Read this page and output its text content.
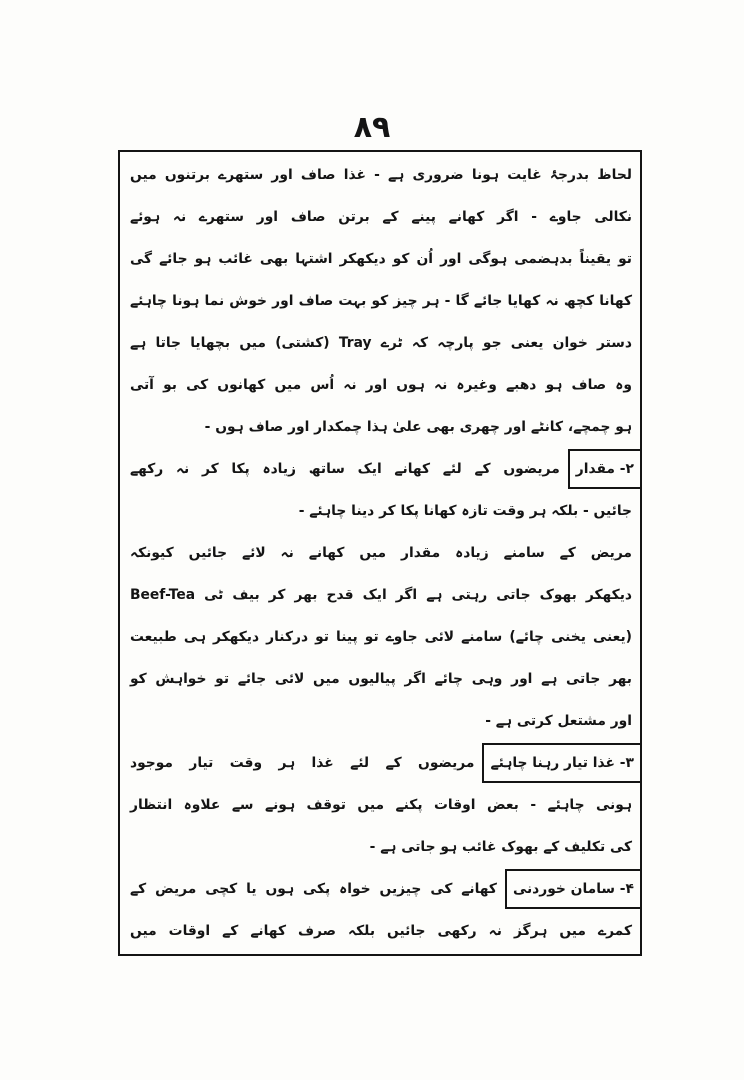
۸۹
لحاظ بدرجۂ غایت ہونا ضروری ہے - غذا صاف اور ستھرے برتنوں میں
نکالی جاوے - اگر کھانے پینے کے برتن صاف اور ستھرے نہ ہوئے
تو یقیناً بدہضمی ہوگی اور اُن کو دیکھکر اشتہا بھی غائب ہو جائے گی
کھانا کچھ نہ کھایا جائے گا - ہر چیز کو بہت صاف اور خوش نما ہونا چاہئے
دستر خوان یعنی جو پارچہ کہ ٹرے Tray (کشتی) میں بچھایا جاتا ہے
وہ صاف ہو دھبے وغیرہ نہ ہوں اور نہ اُس میں کھانوں کی بو آتی
ہو چمچے، کانٹے اور چھری بھی علیٰ ہذا چمکدار اور صاف ہوں -
۲- مقدارمریضوں کے لئے کھانے ایک ساتھ زیادہ پکا کر نہ رکھے
جائیں - بلکہ ہر وقت تازہ کھانا پکا کر دینا چاہئے -
مریض کے سامنے زیادہ مقدار میں کھانے نہ لائے جائیں کیونکہ
دیکھکر بھوک جاتی رہتی ہے اگر ایک قدح بھر کر بیف ٹی Beef-Tea
(یعنی یخنی چائے) سامنے لائی جاوے تو پینا تو درکنار دیکھکر ہی طبیعت
بھر جاتی ہے اور وہی چائے اگر پیالیوں میں لائی جائے تو خواہش کو
اور مشتعل کرتی ہے -
۳- غذا تیار رہنا چاہئےمریضوں کے لئے غذا ہر وقت تیار موجود
ہونی چاہئے - بعض اوقات پکنے میں توقف ہونے سے علاوہ انتظار
کی تکلیف کے بھوک غائب ہو جاتی ہے -
۴- سامان خوردنیکھانے کی چیزیں خواہ پکی ہوں یا کچی مریض کے
کمرے میں ہرگز نہ رکھی جائیں بلکہ صرف کھانے کے اوقات میں
